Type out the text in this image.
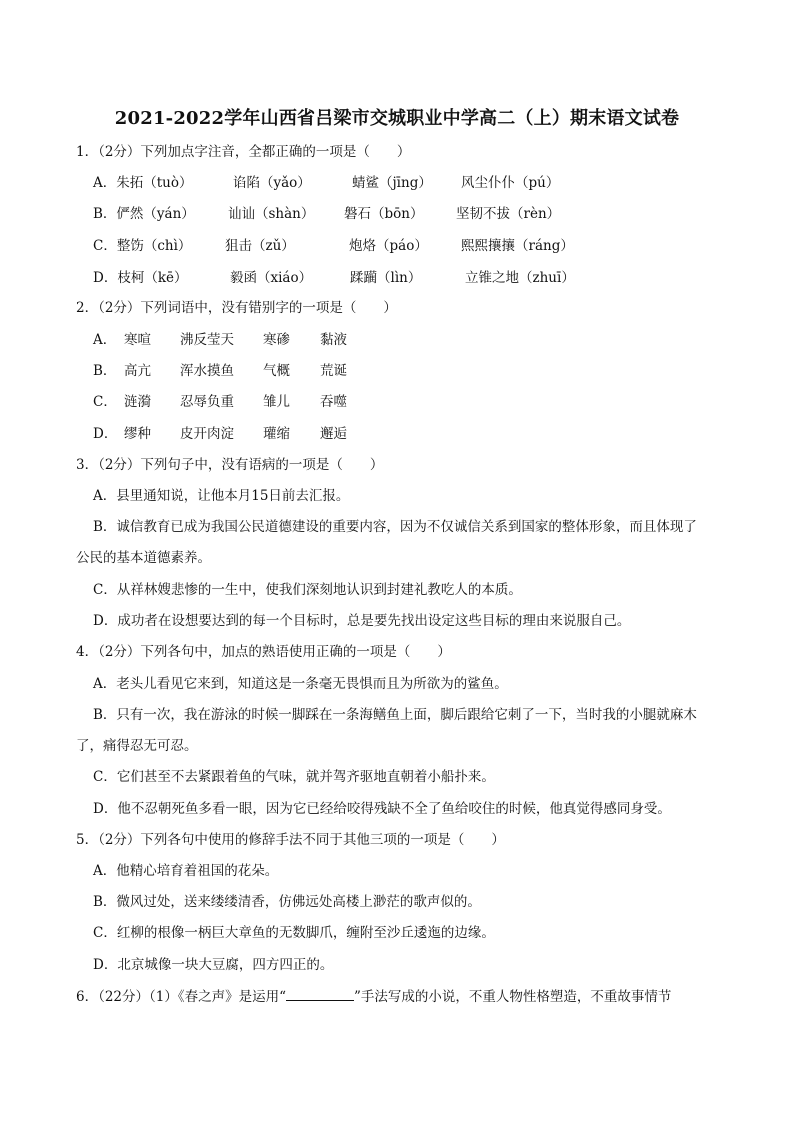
2021-2022学年山西省吕梁市交城职业中学高二（上）期末语文试卷
1．（2分）下列加点字注音，全都正确的一项是（　　）
A．朱拓（tuò）	谄陷（yǎo）	蜻鲨（jīng） 风尘仆仆（pú）
B．俨然（yán） 讪讪（shàn） 磐石（bōn） 坚韧不拔（rèn）
C．整饬（chì） 狙击（zǔ）	炮烙（páo） 熙熙攘攘（ráng）
D．枝柯（kē）	毅函（xiáo）	蹂躏（lìn）	立锥之地（zhuī）
2．（2分）下列词语中，没有错别字的一项是（　　）
A． 寒喧 沸反莹天 寒碜 黏液
B． 高亢 浑水摸鱼 气概 荒诞
C． 涟漪 忍辱负重 雏儿 吞噬
D． 缪种 皮开肉淀 瓘缩 邂逅
3．（2分）下列句子中，没有语病的一项是（　　）
A．县里通知说，让他本月15日前去汇报。
B．诚信教育已成为我国公民道德建设的重要内容，因为不仅诚信关系到国家的整体形象，而且体现了
公民的基本道德素养。
C．从祥林嫂悲惨的一生中，使我们深刻地认识到封建礼教吃人的本质。
D．成功者在设想要达到的每一个目标时，总是要先找出设定这些目标的理由来说服自己。
4．（2分）下列各句中，加点的熟语使用正确的一项是（　　）
A．老头儿看见它来到，知道这是一条毫无畏惧而且为所欲为的鲨鱼。
B．只有一次，我在游泳的时候一脚踩在一条海鳝鱼上面，脚后跟给它刺了一下，当时我的小腿就麻木
了，痛得忍无可忍。
C．它们甚至不去紧跟着鱼的气味，就并驾齐驱地直朝着小船扑来。
D．他不忍朝死鱼多看一眼，因为它已经给咬得残缺不全了鱼给咬住的时候，他真觉得感同身受。
5．（2分）下列各句中使用的修辞手法不同于其他三项的一项是（　　）
A．他精心培育着祖国的花朵。
B．微风过处，送来缕缕清香，仿佛远处高楼上渺茫的歌声似的。
C．红柳的根像一柄巨大章鱼的无数脚爪，缠附至沙丘逶迤的边缘。
D．北京城像一块大豆腐，四方四正的。
6．（22分）（1）《春之声》是运用“	”手法写成的小说，不重人物性格塑造，不重故事情节
